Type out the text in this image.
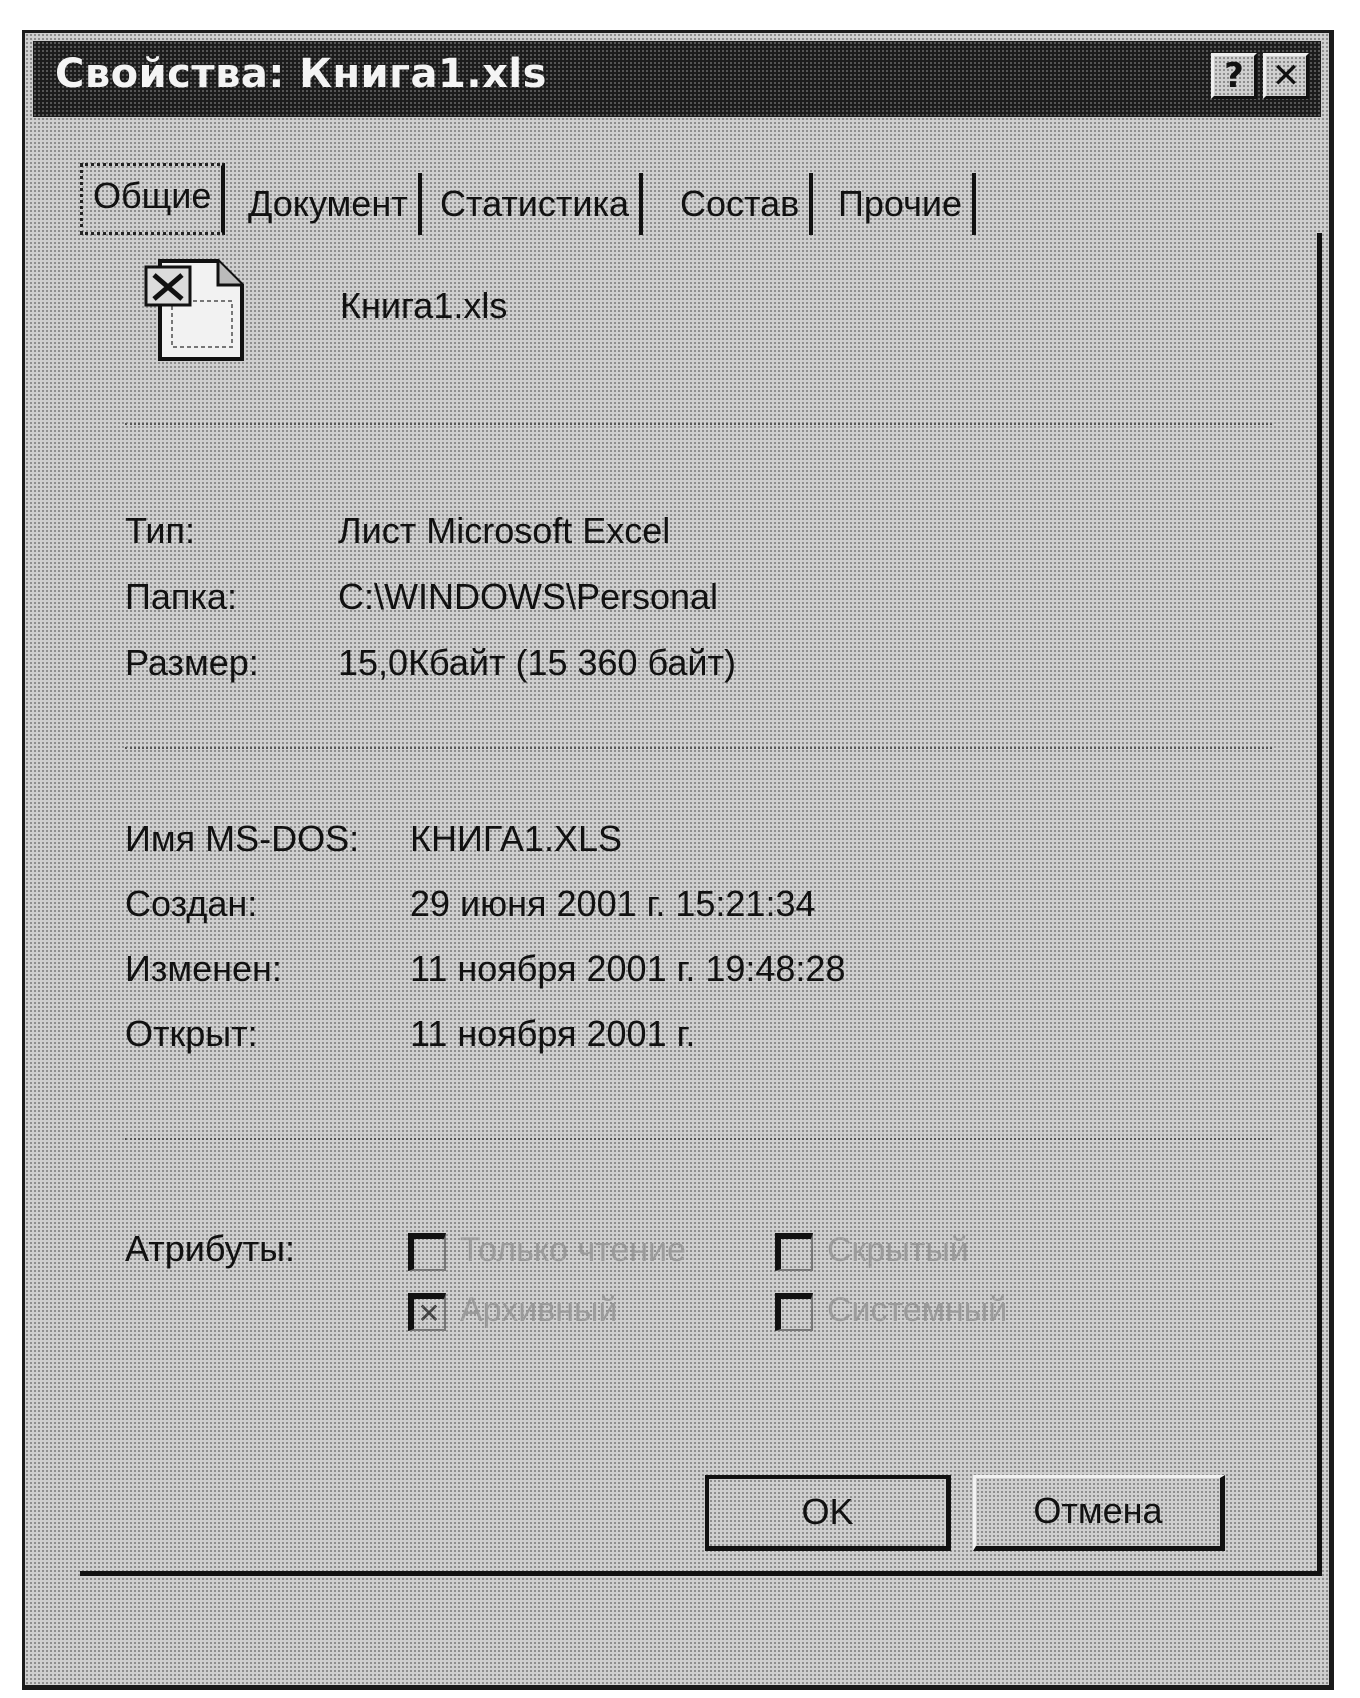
Свойства: Книга1.xls	? ✕
Общие	Документ Статистика	Состав	Прочие
Книга1.xls
Тип:	Лист Microsoft Excel
Папка:	C:\WINDOWS\Personal
Размер: 15,0Кбайт (15 360 байт)
Имя MS-DOS: КНИГА1.XLS
Создан:	29 июня 2001 г. 15:21:34
Изменен:	11 ноября 2001 г. 19:48:28
Открыт:	11 ноября 2001 г.
Атрибуты:	Только чтение	Скрытый
✕ Архивный	Системный
OK	Отмена
